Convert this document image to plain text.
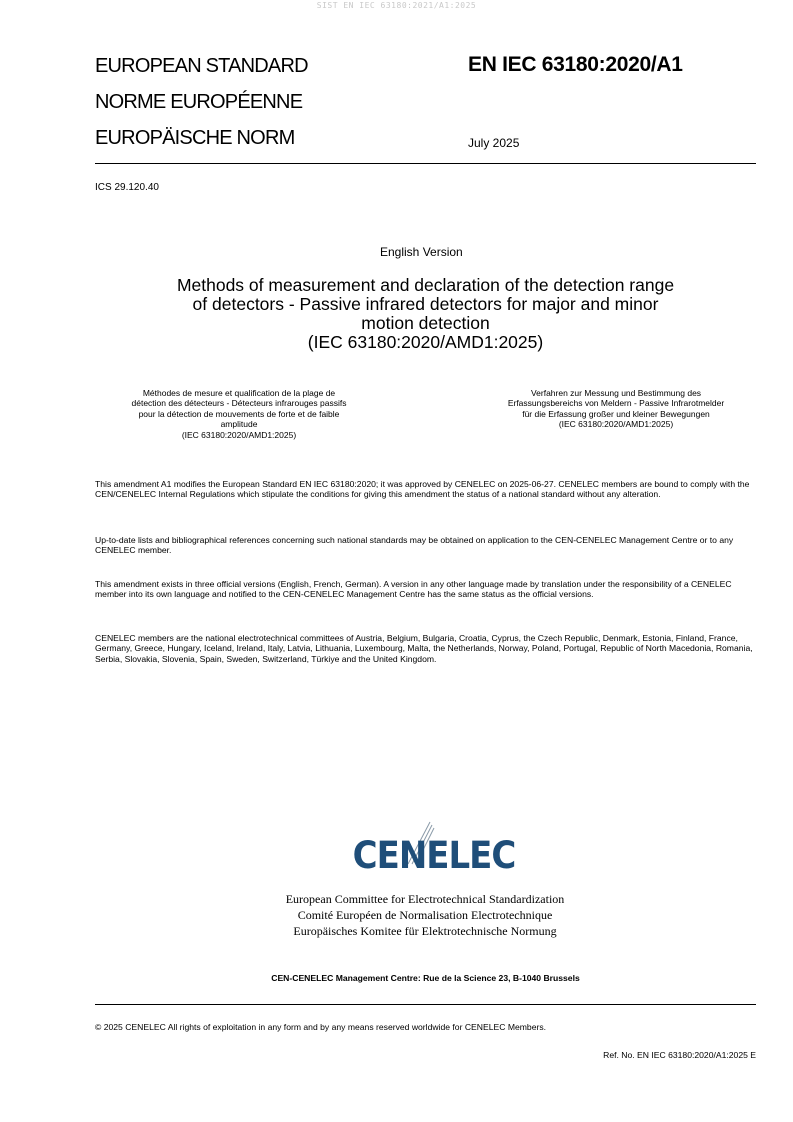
SIST EN IEC 63180:2021/A1:2025
EUROPEAN STANDARD
NORME EUROPÉENNE
EUROPÄISCHE NORM
EN IEC 63180:2020/A1
July 2025
ICS 29.120.40
English Version
Methods of measurement and declaration of the detection range
of detectors - Passive infrared detectors for major and minor
motion detection
(IEC 63180:2020/AMD1:2025)
Méthodes de mesure et qualification de la plage de
détection des détecteurs - Détecteurs infrarouges passifs
pour la détection de mouvements de forte et de faible
amplitude
(IEC 63180:2020/AMD1:2025)
Verfahren zur Messung und Bestimmung des
Erfassungsbereichs von Meldern - Passive Infrarotmelder
für die Erfassung großer und kleiner Bewegungen
(IEC 63180:2020/AMD1:2025)
This amendment A1 modifies the European Standard EN IEC 63180:2020; it was approved by CENELEC on 2025-06-27. CENELEC members are bound to comply with the CEN/CENELEC Internal Regulations which stipulate the conditions for giving this amendment the status of a national standard without any alteration.
Up-to-date lists and bibliographical references concerning such national standards may be obtained on application to the CEN-CENELEC Management Centre or to any CENELEC member.
This amendment exists in three official versions (English, French, German). A version in any other language made by translation under the responsibility of a CENELEC member into its own language and notified to the CEN-CENELEC Management Centre has the same status as the official versions.
CENELEC members are the national electrotechnical committees of Austria, Belgium, Bulgaria, Croatia, Cyprus, the Czech Republic, Denmark, Estonia, Finland, France, Germany, Greece, Hungary, Iceland, Ireland, Italy, Latvia, Lithuania, Luxembourg, Malta, the Netherlands, Norway, Poland, Portugal, Republic of North Macedonia, Romania, Serbia, Slovakia, Slovenia, Spain, Sweden, Switzerland, Türkiye and the United Kingdom.
CENELEC
European Committee for Electrotechnical Standardization
Comité Européen de Normalisation Electrotechnique
Europäisches Komitee für Elektrotechnische Normung
CEN-CENELEC Management Centre: Rue de la Science 23, B-1040 Brussels
© 2025 CENELEC All rights of exploitation in any form and by any means reserved worldwide for CENELEC Members.
Ref. No. EN IEC 63180:2020/A1:2025 E
